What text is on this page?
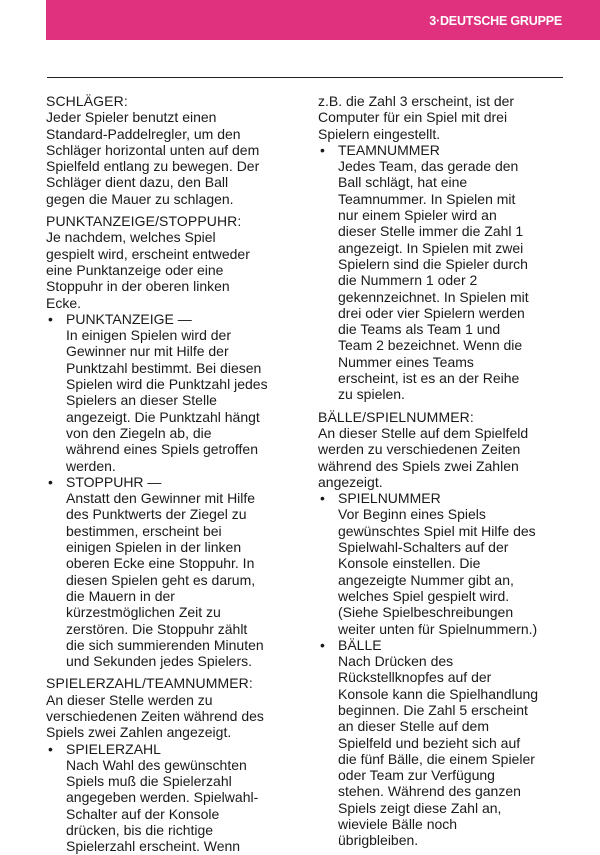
3·DEUTSCHE GRUPPE
SCHLÄGER:

Jeder Spieler benutzt einen
Standard-Paddelregler, um den
Schläger horizontal unten auf dem
Spielfeld entlang zu bewegen. Der
Schläger dient dazu, den Ball
gegen die Mauer zu schlagen.

PUNKTANZEIGE/STOPPUHR:

Je nachdem, welches Spiel
gespielt wird, erscheint entweder
eine Punktanzeige oder eine
Stoppuhr in der oberen linken
Ecke.

• PUNKTANZEIGE —
In einigen Spielen wird der
Gewinner nur mit Hilfe der
Punktzahl bestimmt. Bei diesen
Spielen wird die Punktzahl jedes
Spielers an dieser Stelle
angezeigt. Die Punktzahl hängt
von den Ziegeln ab, die
während eines Spiels getroffen
werden.
• STOPPUHR —
Anstatt den Gewinner mit Hilfe
des Punktwerts der Ziegel zu
bestimmen, erscheint bei
einigen Spielen in der linken
oberen Ecke eine Stoppuhr. In
diesen Spielen geht es darum,
die Mauern in der
kürzestmöglichen Zeit zu
zerstören. Die Stoppuhr zählt
die sich summierenden Minuten
und Sekunden jedes Spielers.
SPIELERZAHL/TEAMNUMMER:

An dieser Stelle werden zu
verschiedenen Zeiten während des
Spiels zwei Zahlen angezeigt.

• SPIELERZAHL
Nach Wahl des gewünschten
Spiels muß die Spielerzahl
angegeben werden. Spielwahl-
Schalter auf der Konsole
drücken, bis die richtige
Spielerzahl erscheint. Wenn

z.B. die Zahl 3 erscheint, ist der
Computer für ein Spiel mit drei
Spielern eingestellt.

• TEAMNUMMER
Jedes Team, das gerade den
Ball schlägt, hat eine
Teamnummer. In Spielen mit
nur einem Spieler wird an
dieser Stelle immer die Zahl 1
angezeigt. In Spielen mit zwei
Spielern sind die Spieler durch
die Nummern 1 oder 2
gekennzeichnet. In Spielen mit
drei oder vier Spielern werden
die Teams als Team 1 und
Team 2 bezeichnet. Wenn die
Nummer eines Teams
erscheint, ist es an der Reihe
zu spielen.
BÄLLE/SPIELNUMMER:

An dieser Stelle auf dem Spielfeld
werden zu verschiedenen Zeiten
während des Spiels zwei Zahlen
angezeigt.

• SPIELNUMMER
Vor Beginn eines Spiels
gewünschtes Spiel mit Hilfe des
Spielwahl-Schalters auf der
Konsole einstellen. Die
angezeigte Nummer gibt an,
welches Spiel gespielt wird.
(Siehe Spielbeschreibungen
weiter unten für Spielnummern.)
• BÄLLE
Nach Drücken des
Rückstellknopfes auf der
Konsole kann die Spielhandlung
beginnen. Die Zahl 5 erscheint
an dieser Stelle auf dem
Spielfeld und bezieht sich auf
die fünf Bälle, die einem Spieler
oder Team zur Verfügung
stehen. Während des ganzen
Spiels zeigt diese Zahl an,
wieviele Bälle noch
übrigbleiben.
